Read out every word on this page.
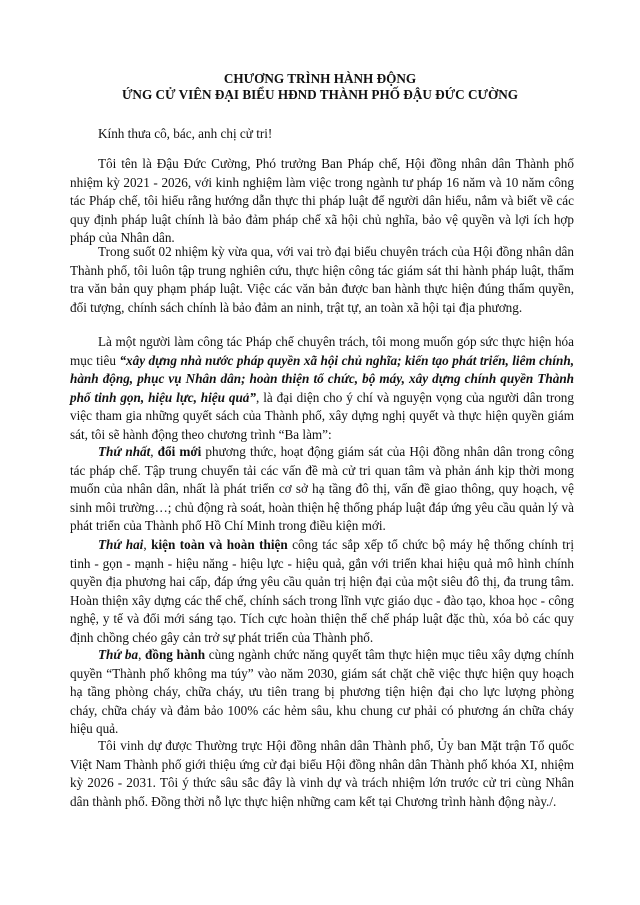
CHƯƠNG TRÌNH HÀNH ĐỘNG
ỨNG CỬ VIÊN ĐẠI BIỂU HĐND THÀNH PHỐ ĐẬU ĐỨC CƯỜNG

Kính thưa cô, bác, anh chị cử tri!

Tôi tên là Đậu Đức Cường, Phó trưởng Ban Pháp chế, Hội đồng nhân dân Thành phố nhiệm kỳ 2021 - 2026, với kinh nghiệm làm việc trong ngành tư pháp 16 năm và 10 năm công tác Pháp chế, tôi hiểu rằng hướng dẫn thực thi pháp luật để người dân hiểu, nắm và biết về các quy định pháp luật chính là bảo đảm pháp chế xã hội chủ nghĩa, bảo vệ quyền và lợi ích hợp pháp của Nhân dân.

Trong suốt 02 nhiệm kỳ vừa qua, với vai trò đại biểu chuyên trách của Hội đồng nhân dân Thành phố, tôi luôn tập trung nghiên cứu, thực hiện công tác giám sát thi hành pháp luật, thẩm tra văn bản quy phạm pháp luật. Việc các văn bản được ban hành thực hiện đúng thẩm quyền, đối tượng, chính sách chính là bảo đảm an ninh, trật tự, an toàn xã hội tại địa phương.

Là một người làm công tác Pháp chế chuyên trách, tôi mong muốn góp sức thực hiện hóa mục tiêu “xây dựng nhà nước pháp quyền xã hội chủ nghĩa; kiến tạo phát triển, liêm chính, hành động, phục vụ Nhân dân; hoàn thiện tổ chức, bộ máy, xây dựng chính quyền Thành phố tinh gọn, hiệu lực, hiệu quả”, là đại diện cho ý chí và nguyện vọng của người dân trong việc tham gia những quyết sách của Thành phố, xây dựng nghị quyết và thực hiện quyền giám sát, tôi sẽ hành động theo chương trình “Ba làm”:

Thứ nhất, đổi mới phương thức, hoạt động giám sát của Hội đồng nhân dân trong công tác pháp chế. Tập trung chuyển tải các vấn đề mà cử tri quan tâm và phản ánh kịp thời mong muốn của nhân dân, nhất là phát triển cơ sở hạ tầng đô thị, vấn đề giao thông, quy hoạch, vệ sinh môi trường…; chủ động rà soát, hoàn thiện hệ thống pháp luật đáp ứng yêu cầu quản lý và phát triển của Thành phố Hồ Chí Minh trong điều kiện mới.

Thứ hai, kiện toàn và hoàn thiện công tác sắp xếp tổ chức bộ máy hệ thống chính trị tinh - gọn - mạnh - hiệu năng - hiệu lực - hiệu quả, gắn với triển khai hiệu quả mô hình chính quyền địa phương hai cấp, đáp ứng yêu cầu quản trị hiện đại của một siêu đô thị, đa trung tâm. Hoàn thiện xây dựng các thể chế, chính sách trong lĩnh vực giáo dục - đào tạo, khoa học - công nghệ, y tế và đổi mới sáng tạo. Tích cực hoàn thiện thể chế pháp luật đặc thù, xóa bỏ các quy định chồng chéo gây cản trở sự phát triển của Thành phố.

Thứ ba, đồng hành cùng ngành chức năng quyết tâm thực hiện mục tiêu xây dựng chính quyền “Thành phố không ma túy” vào năm 2030, giám sát chặt chẽ việc thực hiện quy hoạch hạ tầng phòng cháy, chữa cháy, ưu tiên trang bị phương tiện hiện đại cho lực lượng phòng cháy, chữa cháy và đảm bảo 100% các hẻm sâu, khu chung cư phải có phương án chữa cháy hiệu quả.

Tôi vinh dự được Thường trực Hội đồng nhân dân Thành phố, Ủy ban Mặt trận Tổ quốc Việt Nam Thành phố giới thiệu ứng cử đại biểu Hội đồng nhân dân Thành phố khóa XI, nhiệm kỳ 2026 - 2031. Tôi ý thức sâu sắc đây là vinh dự và trách nhiệm lớn trước cử tri cùng Nhân dân thành phố. Đồng thời nỗ lực thực hiện những cam kết tại Chương trình hành động này./.
